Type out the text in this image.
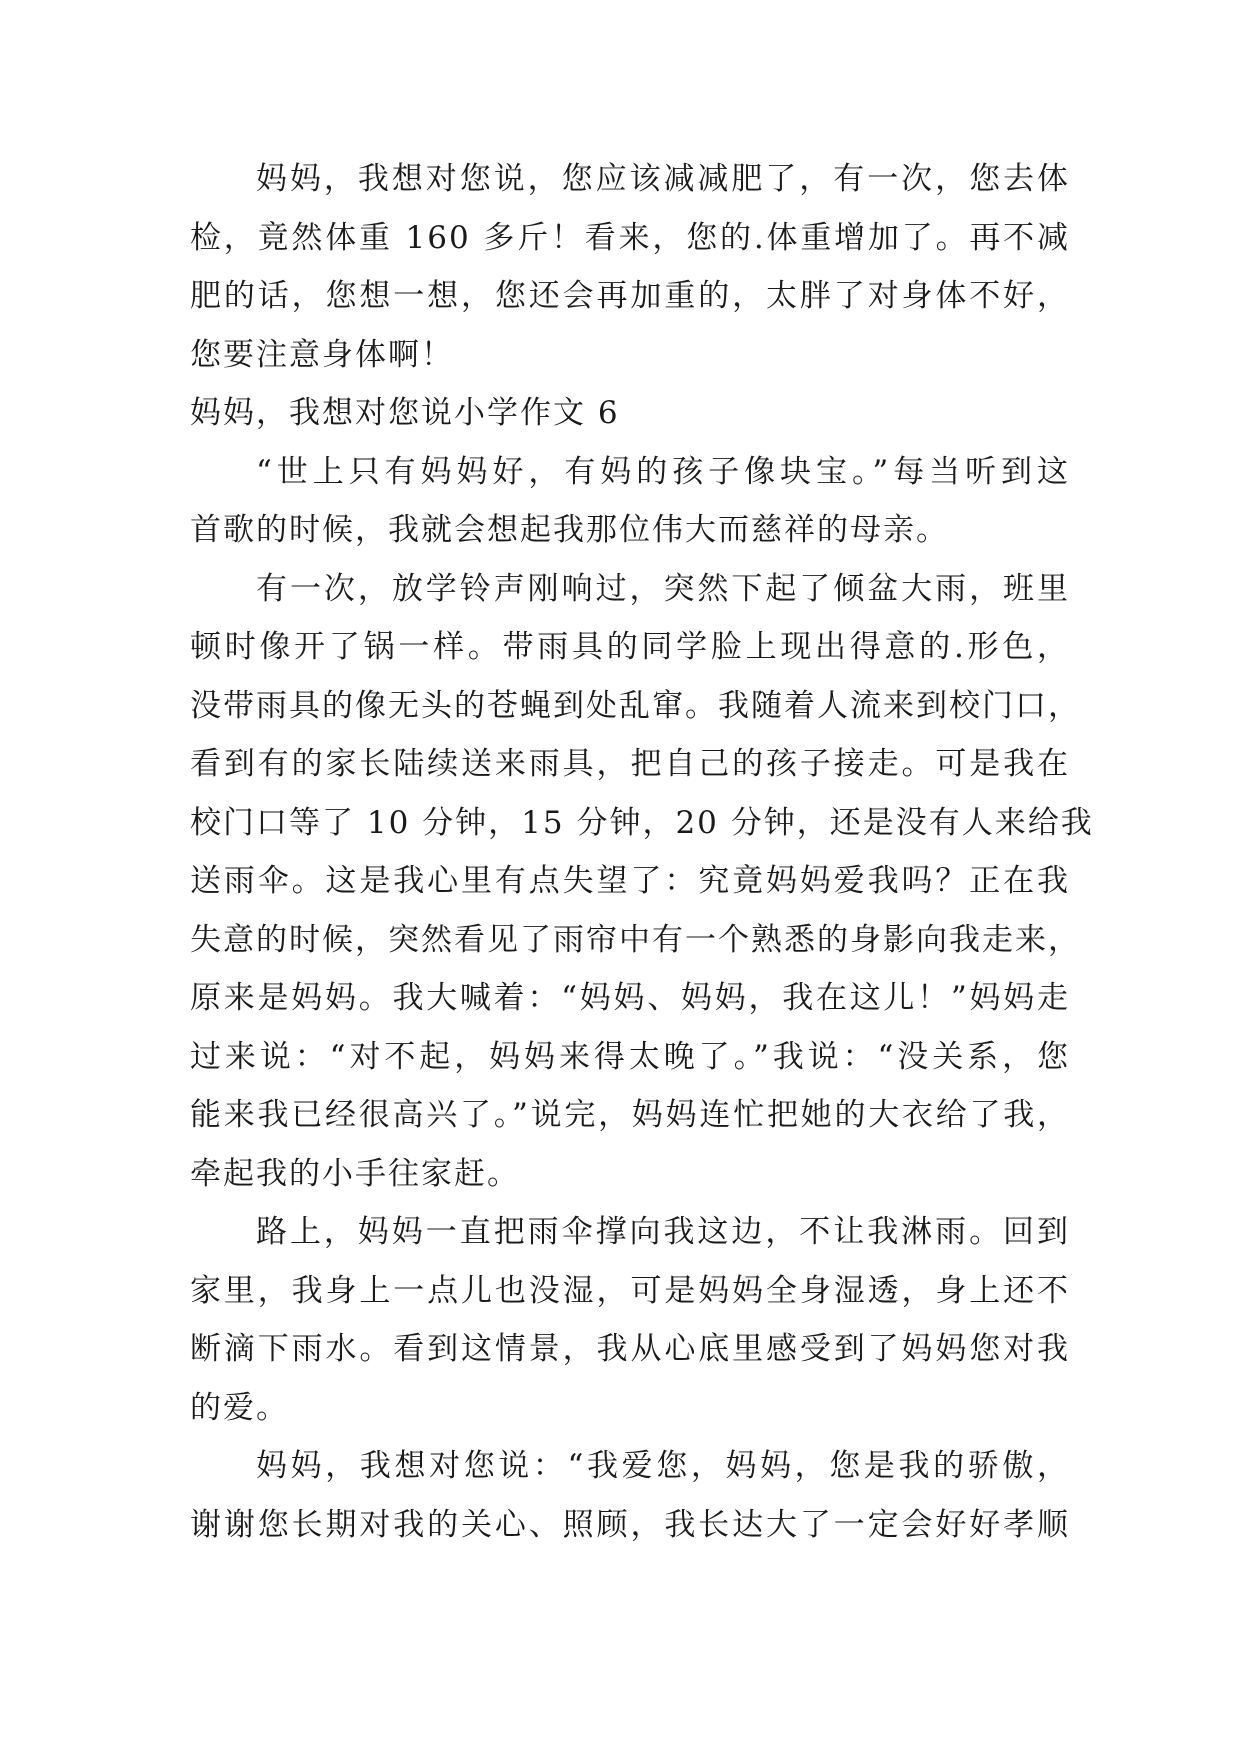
妈妈，我想对您说，您应该减减肥了，有一次，您去体
检，竟然体重 160 多斤！看来，您的.体重增加了。再不减
肥的话，您想一想，您还会再加重的，太胖了对身体不好，
您要注意身体啊！
妈妈，我想对您说小学作文 6
“世上只有妈妈好，有妈的孩子像块宝。”每当听到这
首歌的时候，我就会想起我那位伟大而慈祥的母亲。
有一次，放学铃声刚响过，突然下起了倾盆大雨，班里
顿时像开了锅一样。带雨具的同学脸上现出得意的.形色，
没带雨具的像无头的苍蝇到处乱窜。我随着人流来到校门口，
看到有的家长陆续送来雨具，把自己的孩子接走。可是我在
校门口等了 10 分钟，15 分钟，20 分钟，还是没有人来给我
送雨伞。这是我心里有点失望了：究竟妈妈爱我吗？正在我
失意的时候，突然看见了雨帘中有一个熟悉的身影向我走来，
原来是妈妈。我大喊着：“妈妈、妈妈，我在这儿！”妈妈走
过来说：“对不起，妈妈来得太晚了。”我说：“没关系，您
能来我已经很高兴了。”说完，妈妈连忙把她的大衣给了我，
牵起我的小手往家赶。
路上，妈妈一直把雨伞撑向我这边，不让我淋雨。回到
家里，我身上一点儿也没湿，可是妈妈全身湿透，身上还不
断滴下雨水。看到这情景，我从心底里感受到了妈妈您对我
的爱。
妈妈，我想对您说：“我爱您，妈妈，您是我的骄傲，
谢谢您长期对我的关心、照顾，我长达大了一定会好好孝顺
